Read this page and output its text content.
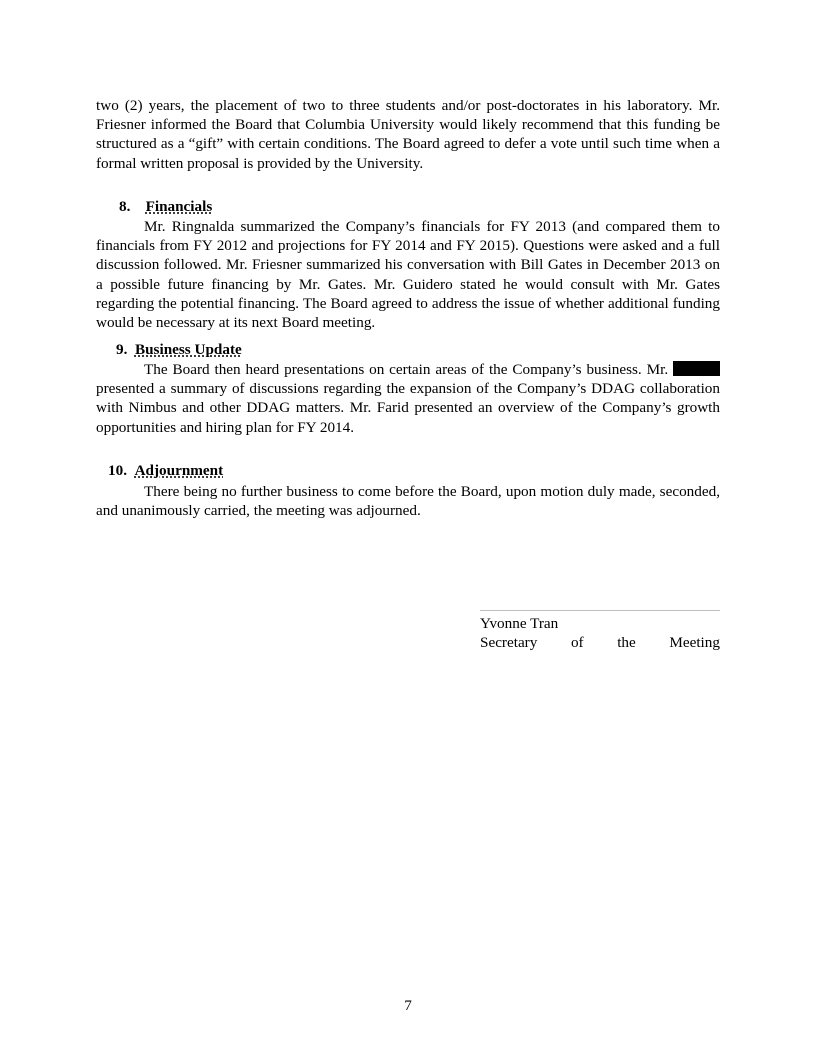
two (2) years, the placement of two to three students and/or post-doctorates in his laboratory. Mr. Friesner informed the Board that Columbia University would likely recommend that this funding be structured as a “gift” with certain conditions. The Board agreed to defer a vote until such time when a formal written proposal is provided by the University.
8. Financials
Mr. Ringnalda summarized the Company’s financials for FY 2013 (and compared them to financials from FY 2012 and projections for FY 2014 and FY 2015). Questions were asked and a full discussion followed. Mr. Friesner summarized his conversation with Bill Gates in December 2013 on a possible future financing by Mr. Gates. Mr. Guidero stated he would consult with Mr. Gates regarding the potential financing. The Board agreed to address the issue of whether additional funding would be necessary at its next Board meeting.
9. Business Update
The Board then heard presentations on certain areas of the Company’s business. Mr.  presented a summary of discussions regarding the expansion of the Company’s DDAG collaboration with Nimbus and other DDAG matters. Mr. Farid presented an overview of the Company’s growth opportunities and hiring plan for FY 2014.
10. Adjournment
There being no further business to come before the Board, upon motion duly made, seconded, and unanimously carried, the meeting was adjourned.
Yvonne Tran
Secretary of the Meeting
7
